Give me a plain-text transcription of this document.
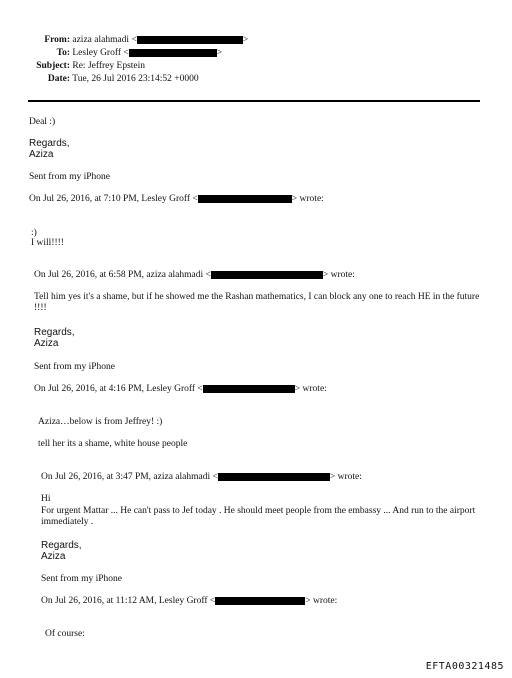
From: aziza alahmadi <	>
To: Lesley Groff <	>
Subject: Re: Jeffrey Epstein
Date: Tue, 26 Jul 2016 23:14:52 +0000
Deal :)
Regards,
Aziza
Sent from my iPhone
On Jul 26, 2016, at 7:10 PM, Lesley Groff <	> wrote:
:)
I will!!!!
On Jul 26, 2016, at 6:58 PM, aziza alahmadi <	> wrote:
Tell him yes it's a shame, but if he showed me the Rashan mathematics, I can block any one to reach HE in the future !!!!
Regards,
Aziza
Sent from my iPhone
On Jul 26, 2016, at 4:16 PM, Lesley Groff <	> wrote:
Aziza…below is from Jeffrey! :)
tell her its a shame, white house people
On Jul 26, 2016, at 3:47 PM, aziza alahmadi <	> wrote:
Hi
For urgent Mattar ... He can't pass to Jef today . He should meet people from the embassy ... And run to the airport immediately .
Regards,
Aziza
Sent from my iPhone
On Jul 26, 2016, at 11:12 AM, Lesley Groff <	> wrote:
Of course:
EFTA00321485
